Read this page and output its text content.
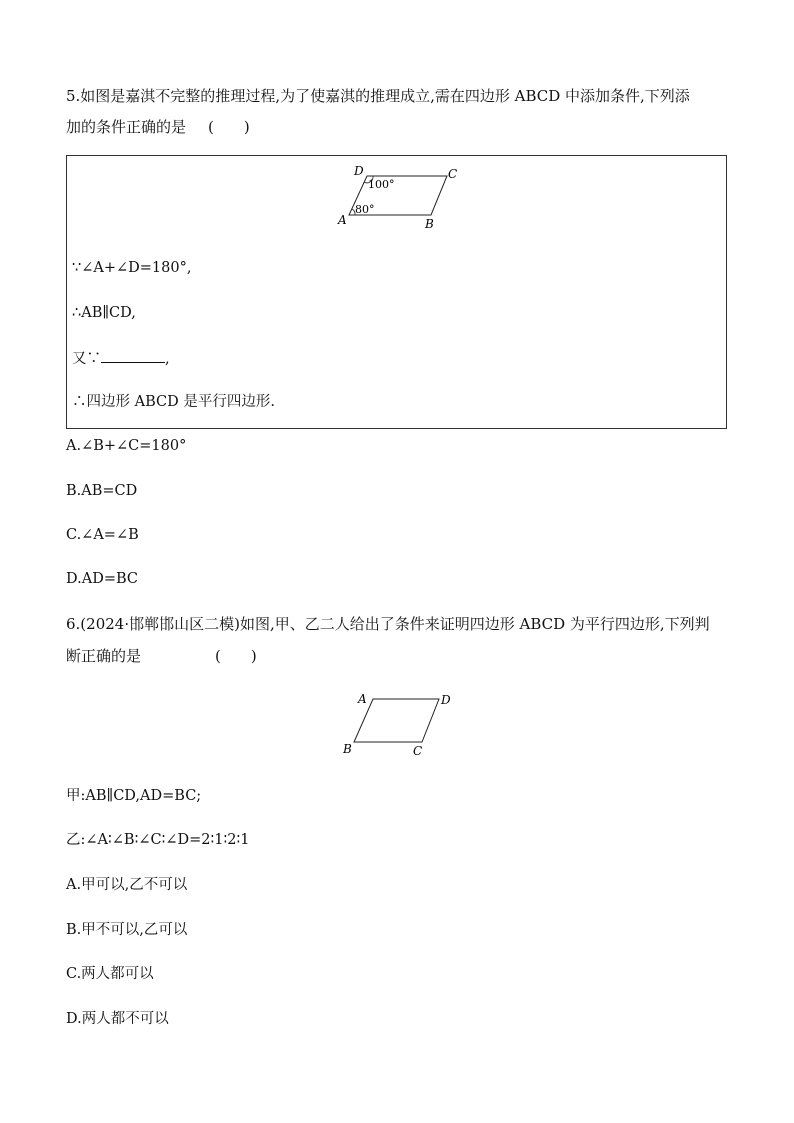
5.如图是嘉淇不完整的推理过程,为了使嘉淇的推理成立,需在四边形 ABCD 中添加条件,下列添
加的条件正确的是 (　　)
D	C
A	B
100°
80°
∵∠A+∠D=180°,
∴AB∥CD,
又∵	,
∴四边形 ABCD 是平行四边形.
A.∠B+∠C=180°
B.AB=CD
C.∠A=∠B
D.AD=BC
6.(2024·邯郸邯山区二模)如图,甲、乙二人给出了条件来证明四边形 ABCD 为平行四边形,下列判
断正确的是	(　　)
A	D
B	C
甲:AB∥CD,AD=BC;
乙:∠A∶∠B∶∠C∶∠D=2∶1∶2∶1
A.甲可以,乙不可以
B.甲不可以,乙可以
C.两人都可以
D.两人都不可以
